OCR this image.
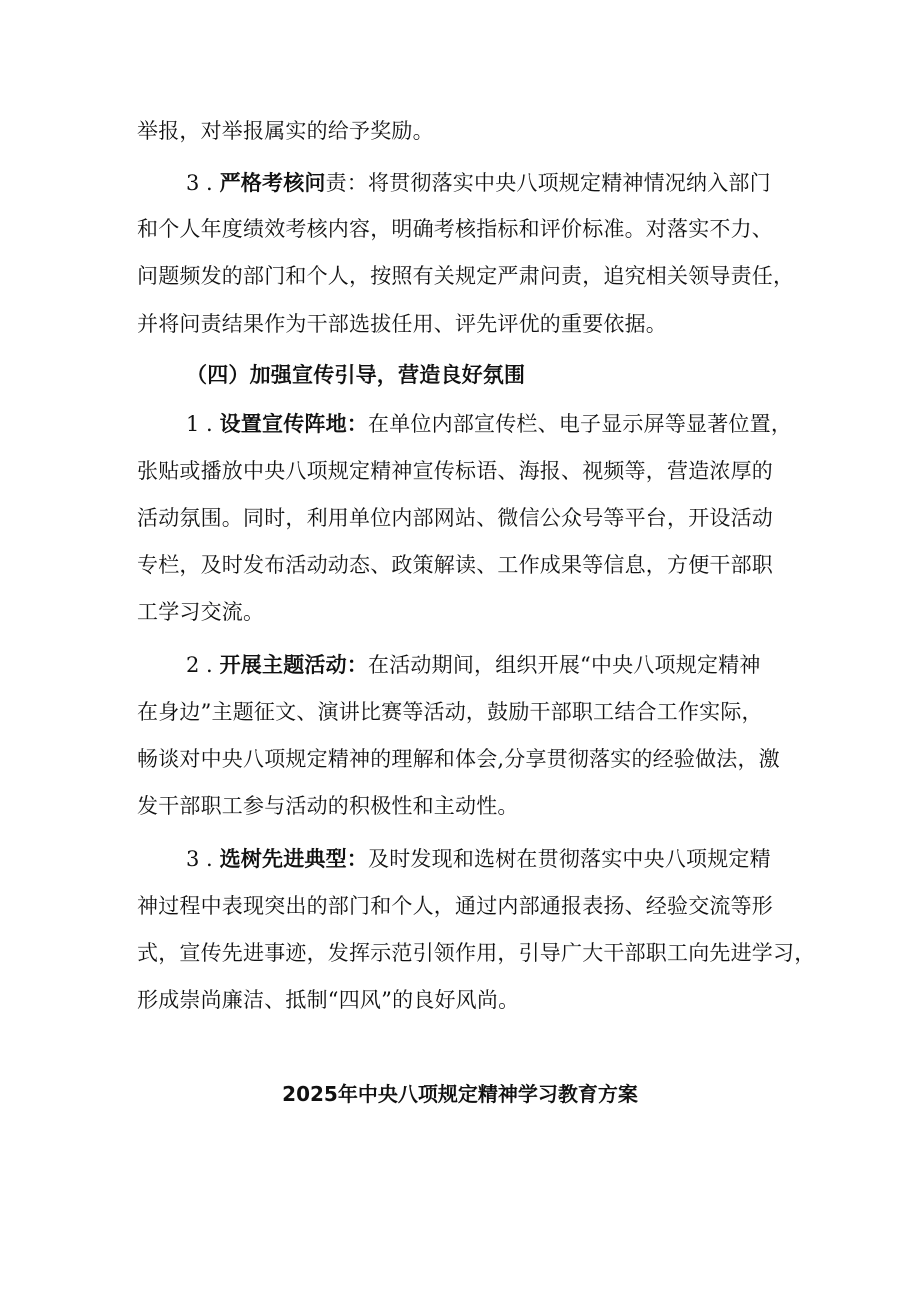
举报，对举报属实的给予奖励。
3 . 严格考核问责：将贯彻落实中央八项规定精神情况纳入部门
和个人年度绩效考核内容，明确考核指标和评价标准。对落实不力、
问题频发的部门和个人，按照有关规定严肃问责，追究相关领导责任，
并将问责结果作为干部选拔任用、评先评优的重要依据。
（四）加强宣传引导，营造良好氛围
1 . 设置宣传阵地：在单位内部宣传栏、电子显示屏等显著位置，
张贴或播放中央八项规定精神宣传标语、海报、视频等，营造浓厚的
活动氛围。同时，利用单位内部网站、微信公众号等平台，开设活动
专栏，及时发布活动动态、政策解读、工作成果等信息，方便干部职
工学习交流。
2 . 开展主题活动：在活动期间，组织开展“中央八项规定精神
在身边”主题征文、演讲比赛等活动，鼓励干部职工结合工作实际，
畅谈对中央八项规定精神的理解和体会,分享贯彻落实的经验做法，激
发干部职工参与活动的积极性和主动性。
3 . 选树先进典型：及时发现和选树在贯彻落实中央八项规定精
神过程中表现突出的部门和个人，通过内部通报表扬、经验交流等形
式，宣传先进事迹，发挥示范引领作用，引导广大干部职工向先进学习，
形成崇尚廉洁、抵制“四风”的良好风尚。
2025年中央八项规定精神学习教育方案
